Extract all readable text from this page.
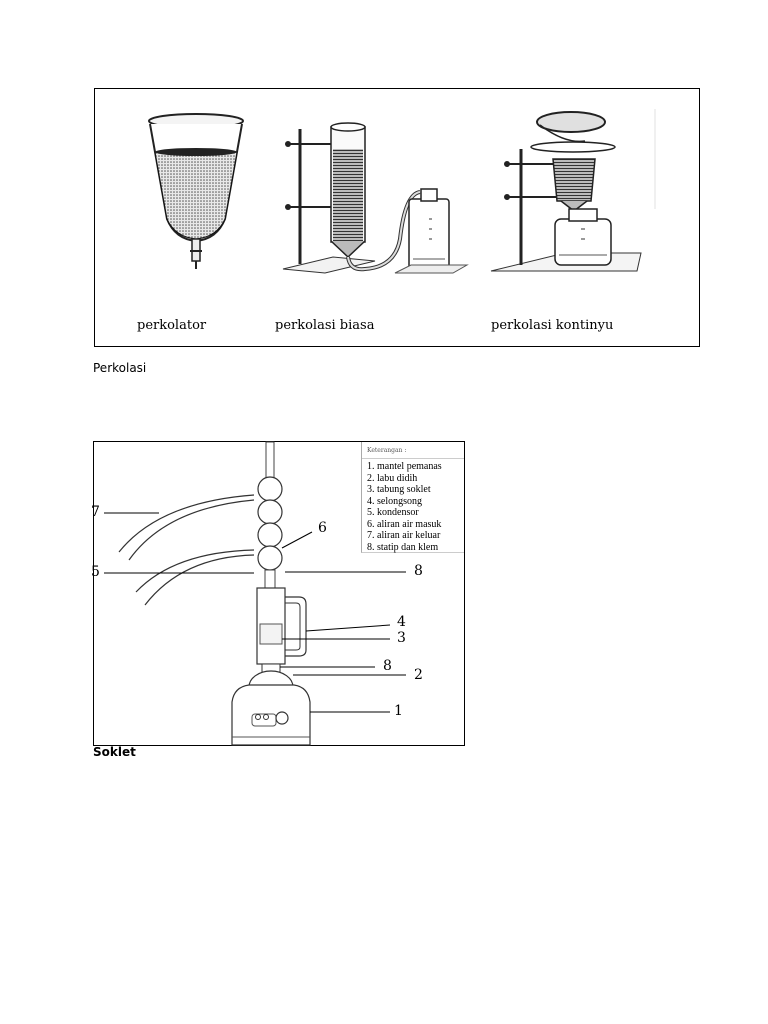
perkolator	perkolasi biasa	perkolasi kontinyu
Perkolasi
7
6
5	8
4
3
8
2
1
Keterangan :
1. mantel pemanas
2. labu didih
3. tabung soklet
4. selongsong
5. kondensor
6. aliran air masuk
7. aliran air keluar
8. statip dan klem
Soklet
